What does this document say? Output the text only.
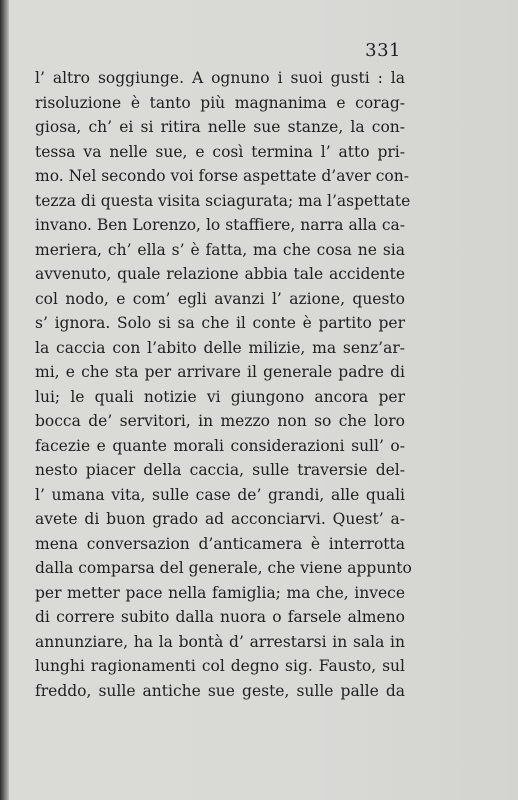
331
l’ altro soggiunge. A ognuno i suoi gusti : la
risoluzione è tanto più magnanima e corag-
giosa, ch’ ei si ritira nelle sue stanze, la con-
tessa va nelle sue, e così termina l’ atto pri-
mo. Nel secondo voi forse aspettate d’aver con-
tezza di questa visita sciagurata; ma l’aspettate
invano. Ben Lorenzo, lo staffiere, narra alla ca-
meriera, ch’ ella s’ è fatta, ma che cosa ne sia
avvenuto, quale relazione abbia tale accidente
col nodo, e com’ egli avanzi l’ azione, questo
s’ ignora. Solo si sa che il conte è partito per
la caccia con l’abito delle milizie, ma senz’ar-
mi, e che sta per arrivare il generale padre di
lui; le quali notizie vi giungono ancora per
bocca de’ servitori, in mezzo non so che loro
facezie e quante morali considerazioni sull’ o-
nesto piacer della caccia, sulle traversie del-
l’ umana vita, sulle case de’ grandi, alle quali
avete di buon grado ad acconciarvi. Quest’ a-
mena conversazion d’anticamera è interrotta
dalla comparsa del generale, che viene appunto
per metter pace nella famiglia; ma che, invece
di correre subito dalla nuora o farsele almeno
annunziare, ha la bontà d’ arrestarsi in sala in
lunghi ragionamenti col degno sig. Fausto, sul
freddo, sulle antiche sue geste, sulle palle da
